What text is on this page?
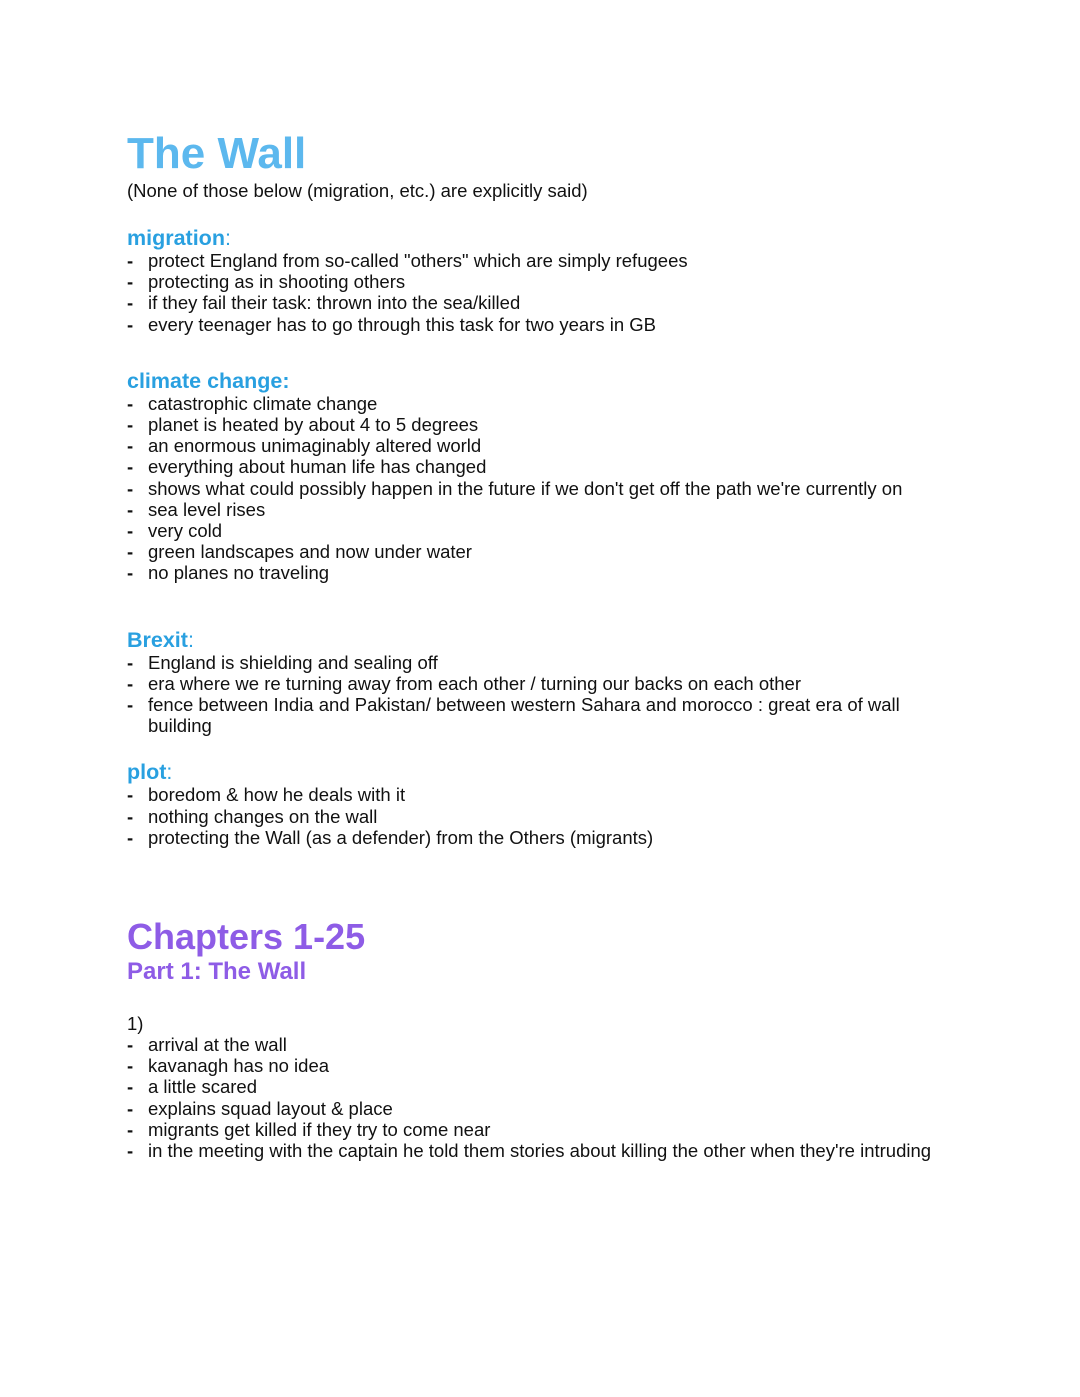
The Wall

(None of those below (migration, etc.) are explicitly said)

migration:
- protect England from so-called "others" which are simply refugees
- protecting as in shooting others
- if they fail their task: thrown into the sea/killed
- every teenager has to go through this task for two years in GB
climate change:
- catastrophic climate change
- planet is heated by about 4 to 5 degrees
- an enormous unimaginably altered world
- everything about human life has changed
- shows what could possibly happen in the future if we don't get off the path we're currently on
- sea level rises
- very cold
- green landscapes and now under water
- no planes no traveling
Brexit:
- England is shielding and sealing off
- era where we re turning away from each other / turning our backs on each other
- fence between India and Pakistan/ between western Sahara and morocco : great era of wall building
plot:
- boredom & how he deals with it
- nothing changes on the wall
- protecting the Wall (as a defender) from the Others (migrants)
Chapters 1-25
Part 1: The Wall

1)

- arrival at the wall
- kavanagh has no idea
- a little scared
- explains squad layout & place
- migrants get killed if they try to come near
- in the meeting with the captain he told them stories about killing the other when they're intruding
